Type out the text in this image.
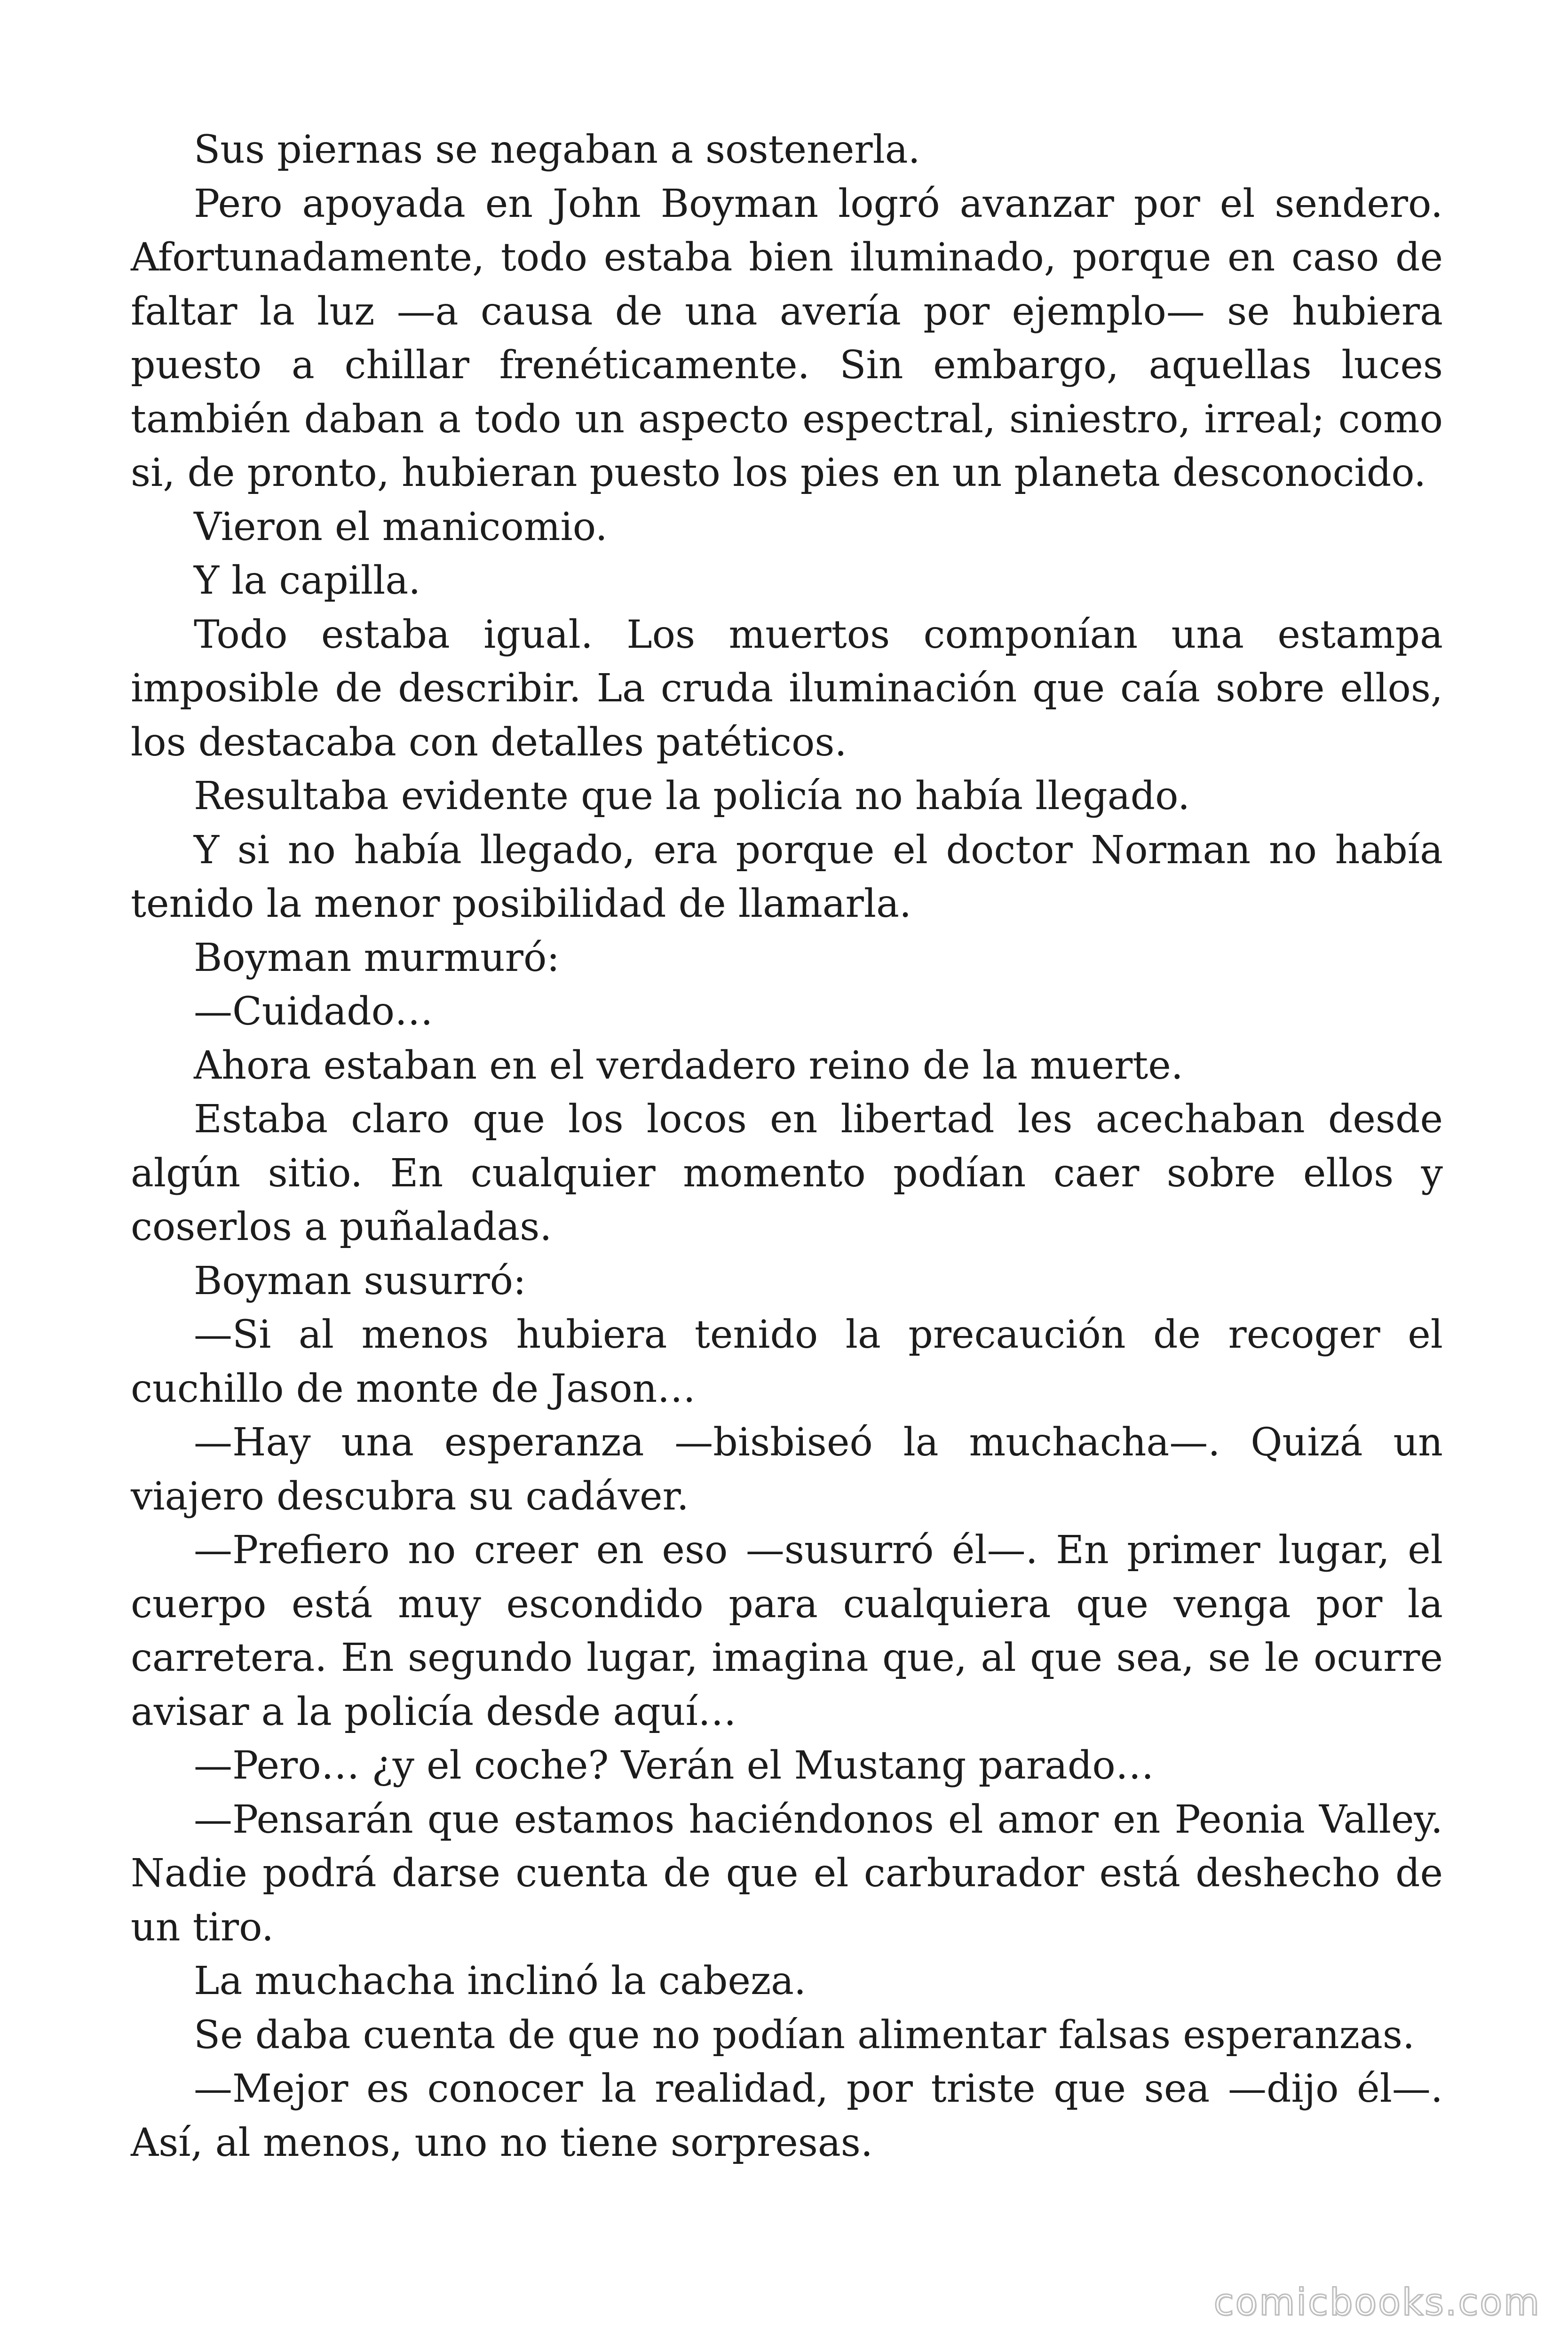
Sus piernas se negaban a sostenerla.

Pero apoyada en John Boyman logró avanzar por el sendero. Afortunadamente, todo estaba bien iluminado, porque en caso de faltar la luz —a causa de una avería por ejemplo— se hubiera puesto a chillar frenéticamente. Sin embargo, aquellas luces también daban a todo un aspecto espectral, siniestro, irreal; como si, de pronto, hubieran puesto los pies en un planeta desconocido.

Vieron el manicomio.

Y la capilla.

Todo estaba igual. Los muertos componían una estampa imposible de describir. La cruda iluminación que caía sobre ellos, los destacaba con detalles patéticos.

Resultaba evidente que la policía no había llegado.

Y si no había llegado, era porque el doctor Norman no había tenido la menor posibilidad de llamarla.

Boyman murmuró:

—Cuidado…

Ahora estaban en el verdadero reino de la muerte.

Estaba claro que los locos en libertad les acechaban desde algún sitio. En cualquier momento podían caer sobre ellos y coserlos a puñaladas.

Boyman susurró:

—Si al menos hubiera tenido la precaución de recoger el cuchillo de monte de Jason…

—Hay una esperanza —bisbiseó la muchacha—. Quizá un viajero descubra su cadáver.

—Prefiero no creer en eso —susurró él—. En primer lugar, el cuerpo está muy escondido para cualquiera que venga por la carretera. En segundo lugar, imagina que, al que sea, se le ocurre avisar a la policía desde aquí…

—Pero… ¿y el coche? Verán el Mustang parado…

—Pensarán que estamos haciéndonos el amor en Peonia Valley. Nadie podrá darse cuenta de que el carburador está deshecho de un tiro.

La muchacha inclinó la cabeza.

Se daba cuenta de que no podían alimentar falsas esperanzas.

—Mejor es conocer la realidad, por triste que sea —dijo él—. Así, al menos, uno no tiene sorpresas.

comicbooks.com
